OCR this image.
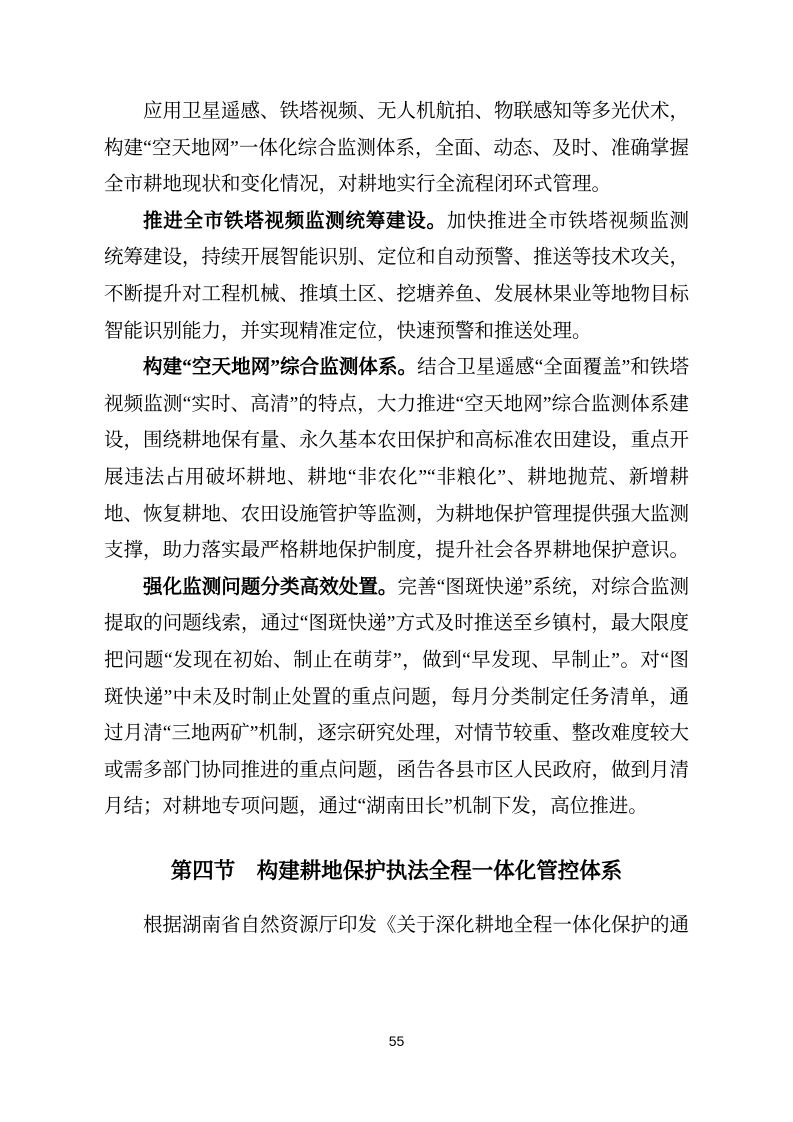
应用卫星遥感、铁塔视频、无人机航拍、物联感知等多光伏术，构建“空天地网”一体化综合监测体系，全面、动态、及时、准确掌握全市耕地现状和变化情况，对耕地实行全流程闭环式管理。

推进全市铁塔视频监测统筹建设。加快推进全市铁塔视频监测统筹建设，持续开展智能识别、定位和自动预警、推送等技术攻关，不断提升对工程机械、推填土区、挖塘养鱼、发展林果业等地物目标智能识别能力，并实现精准定位，快速预警和推送处理。

构建“空天地网”综合监测体系。结合卫星遥感“全面覆盖”和铁塔视频监测“实时、高清”的特点，大力推进“空天地网”综合监测体系建设，围绕耕地保有量、永久基本农田保护和高标准农田建设，重点开展违法占用破坏耕地、耕地“非农化”“非粮化”、耕地抛荒、新增耕地、恢复耕地、农田设施管护等监测，为耕地保护管理提供强大监测支撑，助力落实最严格耕地保护制度，提升社会各界耕地保护意识。

强化监测问题分类高效处置。完善“图斑快递”系统，对综合监测提取的问题线索，通过“图斑快递”方式及时推送至乡镇村，最大限度把问题“发现在初始、制止在萌芽”，做到“早发现、早制止”。对“图斑快递”中未及时制止处置的重点问题，每月分类制定任务清单，通过月清“三地两矿”机制，逐宗研究处理，对情节较重、整改难度较大或需多部门协同推进的重点问题，函告各县市区人民政府，做到月清月结；对耕地专项问题，通过“湖南田长”机制下发，高位推进。

第四节　构建耕地保护执法全程一体化管控体系

根据湖南省自然资源厅印发《关于深化耕地全程一体化保护的通

55
